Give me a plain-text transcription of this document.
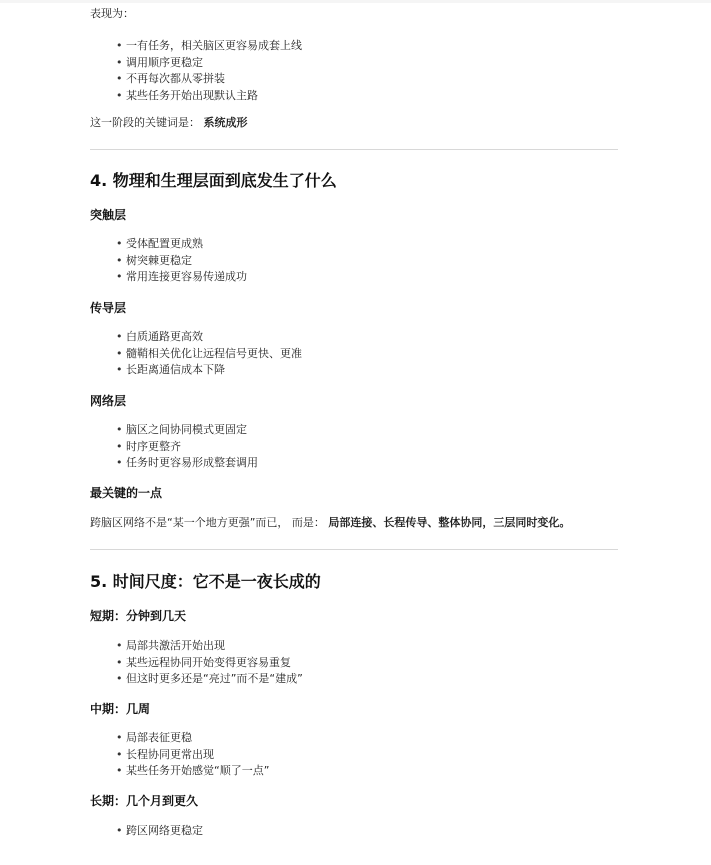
表现为：
• 一有任务，相关脑区更容易成套上线
• 调用顺序更稳定
• 不再每次都从零拼装
• 某些任务开始出现默认主路
这一阶段的关键词是： 系统成形
4. 物理和生理层面到底发生了什么
突触层
• 受体配置更成熟
• 树突棘更稳定
• 常用连接更容易传递成功
传导层
• 白质通路更高效
• 髓鞘相关优化让远程信号更快、更准
• 长距离通信成本下降
网络层
• 脑区之间协同模式更固定
• 时序更整齐
• 任务时更容易形成整套调用
最关键的一点
跨脑区网络不是“某一个地方更强”而已， 而是： 局部连接、长程传导、整体协同，三层同时变化。
5. 时间尺度：它不是一夜长成的
短期：分钟到几天
• 局部共激活开始出现
• 某些远程协同开始变得更容易重复
• 但这时更多还是“亮过”而不是“建成”
中期：几周
• 局部表征更稳
• 长程协同更常出现
• 某些任务开始感觉“顺了一点”
长期：几个月到更久
• 跨区网络更稳定
